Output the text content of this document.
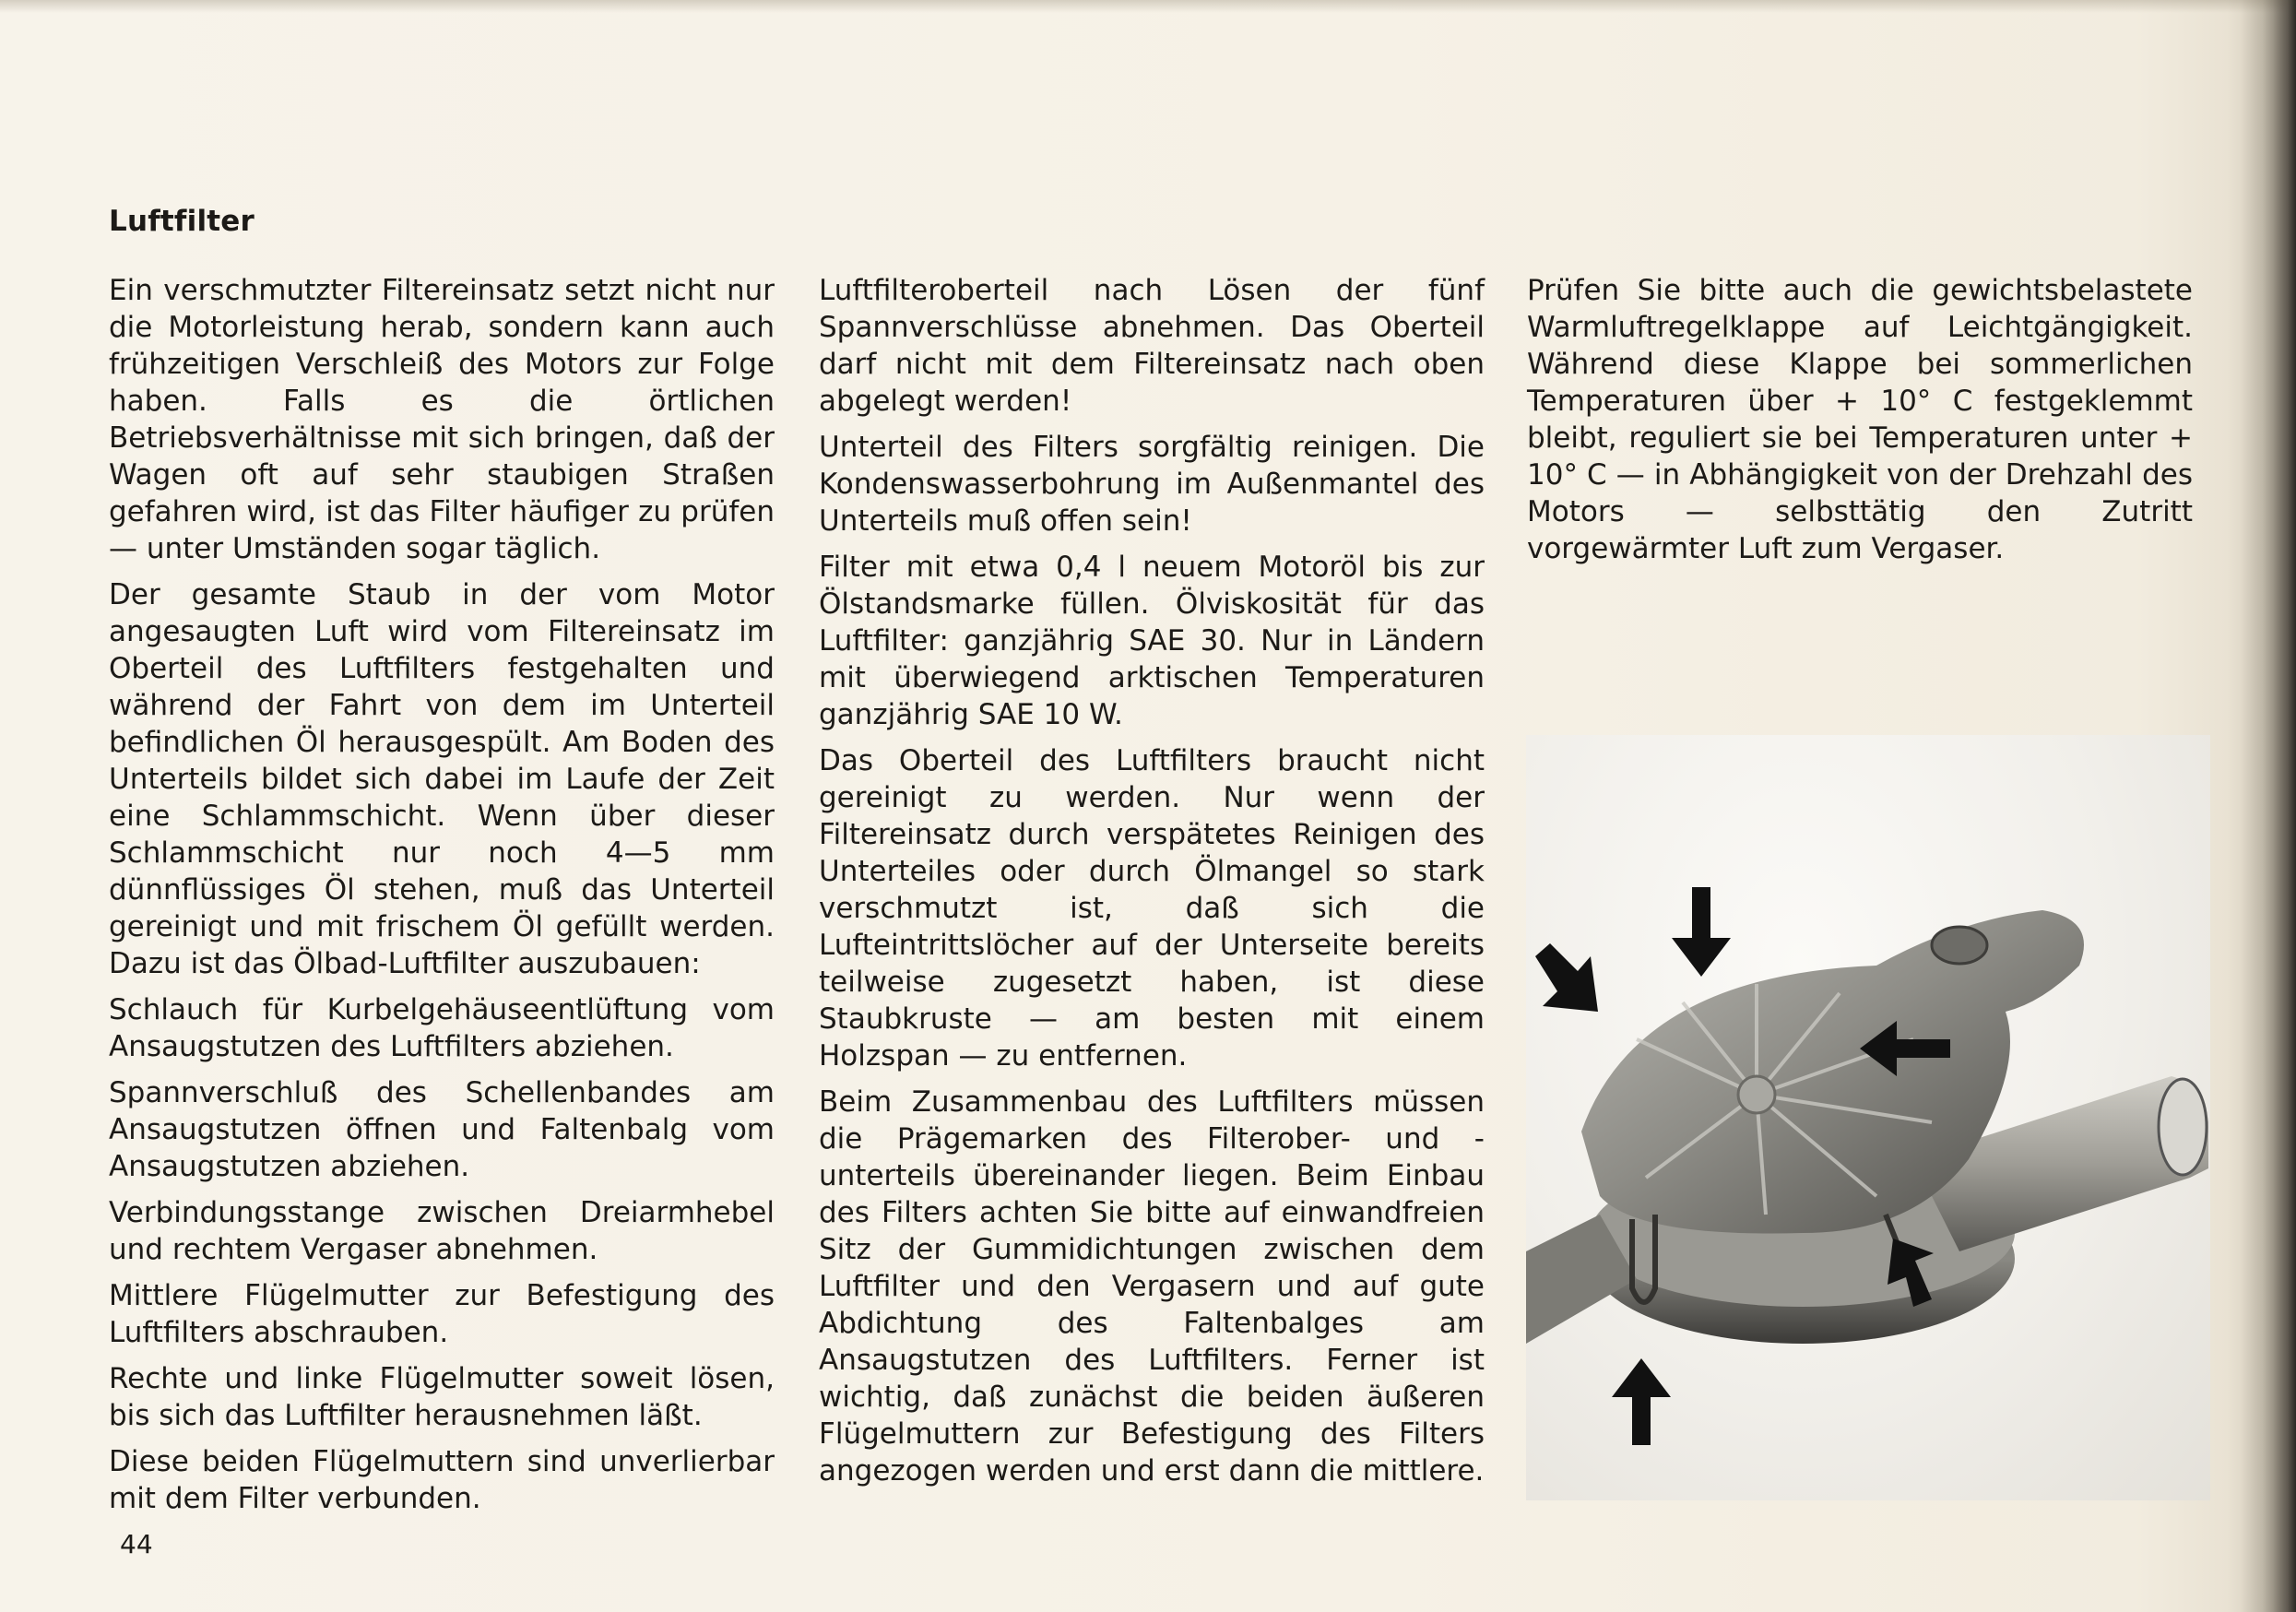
Luftfilter

Ein verschmutzter Filtereinsatz setzt nicht nur die Motorleistung herab, sondern kann auch frühzeitigen Verschleiß des Motors zur Folge haben. Falls es die örtlichen Betriebsverhältnisse mit sich bringen, daß der Wagen oft auf sehr staubigen Straßen gefahren wird, ist das Filter häufiger zu prüfen — unter Umständen sogar täglich.

Der gesamte Staub in der vom Motor angesaugten Luft wird vom Filtereinsatz im Oberteil des Luftfilters festgehalten und während der Fahrt von dem im Unterteil befindlichen Öl herausgespült. Am Boden des Unterteils bildet sich dabei im Laufe der Zeit eine Schlammschicht. Wenn über dieser Schlammschicht nur noch 4—5 mm dünnflüssiges Öl stehen, muß das Unterteil gereinigt und mit frischem Öl gefüllt werden. Dazu ist das Ölbad-Luftfilter auszubauen:

Schlauch für Kurbelgehäuseentlüftung vom Ansaugstutzen des Luftfilters abziehen.

Spannverschluß des Schellenbandes am Ansaugstutzen öffnen und Faltenbalg vom Ansaugstutzen abziehen.

Verbindungsstange zwischen Dreiarmhebel und rechtem Vergaser abnehmen.

Mittlere Flügelmutter zur Befestigung des Luftfilters abschrauben.

Rechte und linke Flügelmutter soweit lösen, bis sich das Luftfilter herausnehmen läßt.

Diese beiden Flügelmuttern sind unverlierbar mit dem Filter verbunden.

Luftfilteroberteil nach Lösen der fünf Spannverschlüsse abnehmen. Das Oberteil darf nicht mit dem Filtereinsatz nach oben abgelegt werden!

Unterteil des Filters sorgfältig reinigen. Die Kondenswasserbohrung im Außenmantel des Unterteils muß offen sein!

Filter mit etwa 0,4 l neuem Motoröl bis zur Ölstandsmarke füllen. Ölviskosität für das Luftfilter: ganzjährig SAE 30. Nur in Ländern mit überwiegend arktischen Temperaturen ganzjährig SAE 10 W.

Das Oberteil des Luftfilters braucht nicht gereinigt zu werden. Nur wenn der Filtereinsatz durch verspätetes Reinigen des Unterteiles oder durch Ölmangel so stark verschmutzt ist, daß sich die Lufteintrittslöcher auf der Unterseite bereits teilweise zugesetzt haben, ist diese Staubkruste — am besten mit einem Holzspan — zu entfernen.

Beim Zusammenbau des Luftfilters müssen die Prägemarken des Filterober- und -unterteils übereinander liegen. Beim Einbau des Filters achten Sie bitte auf einwandfreien Sitz der Gummidichtungen zwischen dem Luftfilter und den Vergasern und auf gute Abdichtung des Faltenbalges am Ansaugstutzen des Luftfilters. Ferner ist wichtig, daß zunächst die beiden äußeren Flügelmuttern zur Befestigung des Filters angezogen werden und erst dann die mittlere.

Prüfen Sie bitte auch die gewichtsbelastete Warmluftregelklappe auf Leichtgängigkeit. Während diese Klappe bei sommerlichen Temperaturen über + 10° C festgeklemmt bleibt, reguliert sie bei Temperaturen unter + 10° C — in Abhängigkeit von der Drehzahl des Motors — selbsttätig den Zutritt vorgewärmter Luft zum Vergaser.

44
